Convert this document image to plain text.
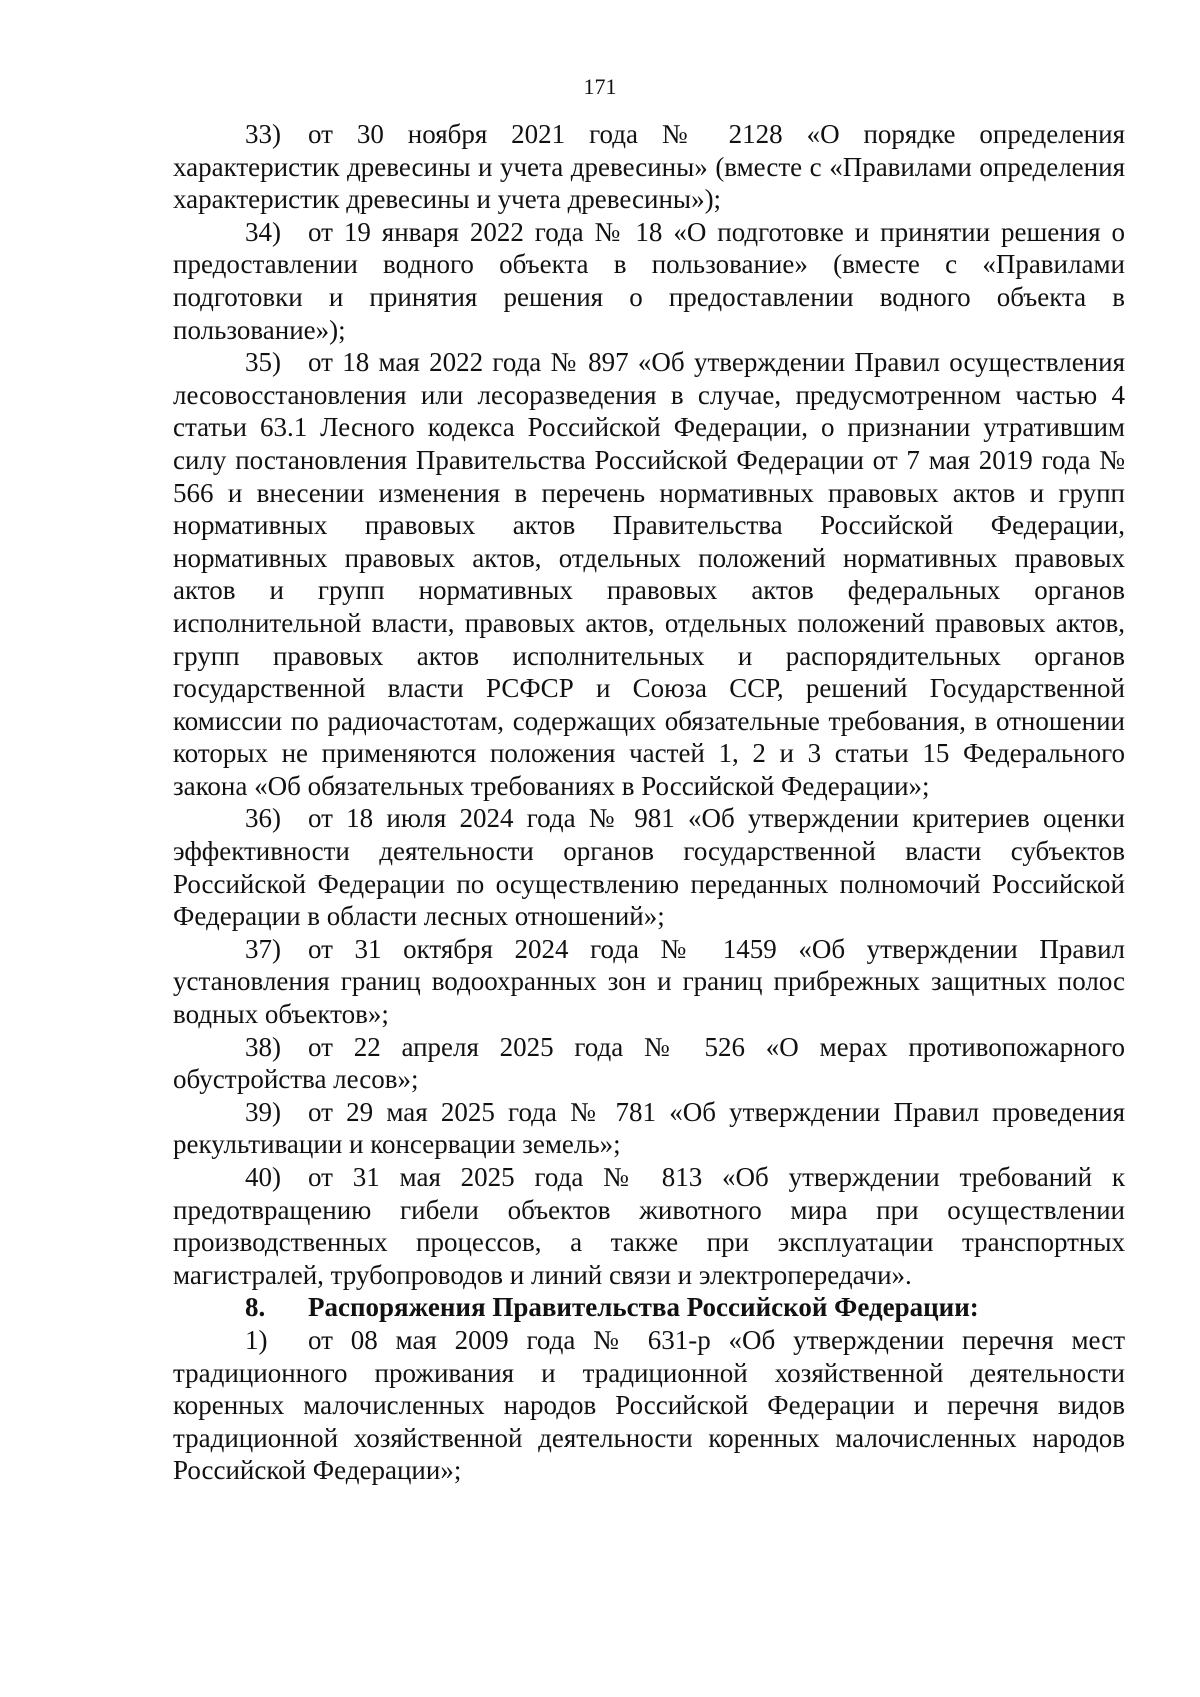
171

33) от 30 ноября 2021 года № 2128 «О порядке определения характеристик древесины и учета древесины» (вместе с «Правилами определения характеристик древесины и учета древесины»);

34) от 19 января 2022 года № 18 «О подготовке и принятии решения о предоставлении водного объекта в пользование» (вместе с «Правилами подготовки и принятия решения о предоставлении водного объекта в пользование»);

35) от 18 мая 2022 года № 897 «Об утверждении Правил осуществления лесовосстановления или лесоразведения в случае, предусмотренном частью 4 статьи 63.1 Лесного кодекса Российской Федерации, о признании утратившим силу постановления Правительства Российской Федерации от 7 мая 2019 года № 566 и внесении изменения в перечень нормативных правовых актов и групп нормативных правовых актов Правительства Российской Федерации, нормативных правовых актов, отдельных положений нормативных правовых актов и групп нормативных правовых актов федеральных органов исполнительной власти, правовых актов, отдельных положений правовых актов, групп правовых актов исполнительных и распорядительных органов государственной власти РСФСР и Союза ССР, решений Государственной комиссии по радиочастотам, содержащих обязательные требования, в отношении которых не применяются положения частей 1, 2 и 3 статьи 15 Федерального закона «Об обязательных требованиях в Российской Федерации»;

36) от 18 июля 2024 года № 981 «Об утверждении критериев оценки эффективности деятельности органов государственной власти субъектов Российской Федерации по осуществлению переданных полномочий Российской Федерации в области лесных отношений»;

37) от 31 октября 2024 года № 1459 «Об утверждении Правил установления границ водоохранных зон и границ прибрежных защитных полос водных объектов»;

38) от 22 апреля 2025 года № 526 «О мерах противопожарного обустройства лесов»;

39) от 29 мая 2025 года № 781 «Об утверждении Правил проведения рекультивации и консервации земель»;

40) от 31 мая 2025 года № 813 «Об утверждении требований к предотвращению гибели объектов животного мира при осуществлении производственных процессов, а также при эксплуатации транспортных магистралей, трубопроводов и линий связи и электропередачи».

8. Распоряжения Правительства Российской Федерации:

1) от 08 мая 2009 года № 631-р «Об утверждении перечня мест традиционного проживания и традиционной хозяйственной деятельности коренных малочисленных народов Российской Федерации и перечня видов традиционной хозяйственной деятельности коренных малочисленных народов Российской Федерации»;
